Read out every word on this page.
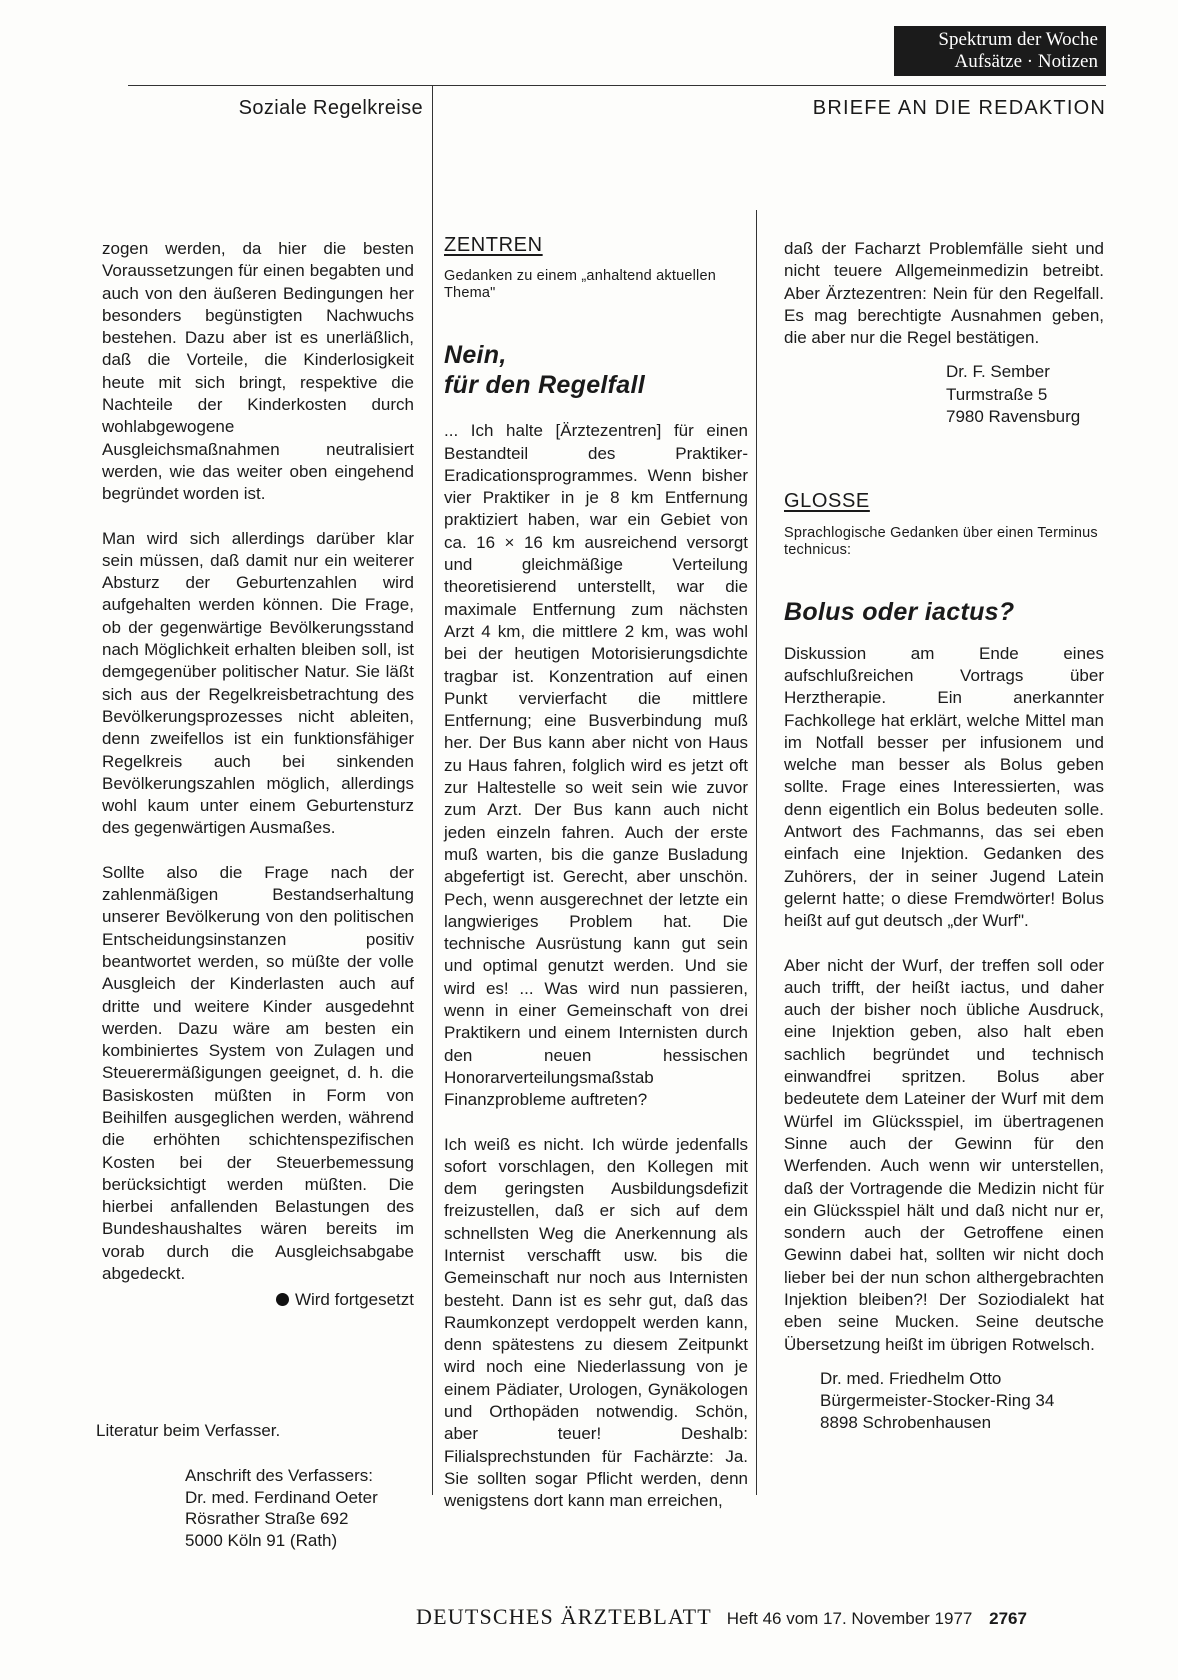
Spektrum der Woche
Aufsätze · Notizen
Soziale Regelkreise	BRIEFE AN DIE REDAKTION

zogen werden, da hier die besten Voraussetzungen für einen begabten und auch von den äußeren Bedingungen her besonders begünstigten Nachwuchs bestehen. Dazu aber ist es unerläßlich, daß die Vorteile, die Kinderlosigkeit heute mit sich bringt, respektive die Nachteile der Kinderkosten durch wohlabgewogene Ausgleichsmaßnahmen neutralisiert werden, wie das weiter oben eingehend begründet worden ist.

Man wird sich allerdings darüber klar sein müssen, daß damit nur ein weiterer Absturz der Geburtenzahlen wird aufgehalten werden können. Die Frage, ob der gegenwärtige Bevölkerungsstand nach Möglichkeit erhalten bleiben soll, ist demgegenüber politischer Natur. Sie läßt sich aus der Regelkreisbetrachtung des Bevölkerungsprozesses nicht ableiten, denn zweifellos ist ein funktionsfähiger Regelkreis auch bei sinkenden Bevölkerungszahlen möglich, allerdings wohl kaum unter einem Geburtensturz des gegenwärtigen Ausmaßes.

Sollte also die Frage nach der zahlenmäßigen Bestandserhaltung unserer Bevölkerung von den politischen Entscheidungsinstanzen positiv beantwortet werden, so müßte der volle Ausgleich der Kinderlasten auch auf dritte und weitere Kinder ausgedehnt werden. Dazu wäre am besten ein kombiniertes System von Zulagen und Steuerermäßigungen geeignet, d. h. die Basiskosten müßten in Form von Beihilfen ausgeglichen werden, während die erhöhten schichtenspezifischen Kosten bei der Steuerbemessung berücksichtigt werden müßten. Die hierbei anfallenden Belastungen des Bundeshaushaltes wären bereits im vorab durch die Ausgleichsabgabe abgedeckt.

Wird fortgesetzt
Literatur beim Verfasser.
Anschrift des Verfassers:
Dr. med. Ferdinand Oeter
Rösrather Straße 692
5000 Köln 91 (Rath)
ZENTREN
Gedanken zu einem „anhaltend aktuellen Thema"
Nein,
für den Regelfall

... Ich halte [Ärztezentren] für einen Bestandteil des Praktiker-Eradicationsprogrammes. Wenn bisher vier Praktiker in je 8 km Entfernung praktiziert haben, war ein Gebiet von ca. 16 × 16 km ausreichend versorgt und gleichmäßige Verteilung theoretisierend unterstellt, war die maximale Entfernung zum nächsten Arzt 4 km, die mittlere 2 km, was wohl bei der heutigen Motorisierungsdichte tragbar ist. Konzentration auf einen Punkt vervierfacht die mittlere Entfernung; eine Busverbindung muß her. Der Bus kann aber nicht von Haus zu Haus fahren, folglich wird es jetzt oft zur Haltestelle so weit sein wie zuvor zum Arzt. Der Bus kann auch nicht jeden einzeln fahren. Auch der erste muß warten, bis die ganze Busladung abgefertigt ist. Gerecht, aber unschön. Pech, wenn ausgerechnet der letzte ein langwieriges Problem hat. Die technische Ausrüstung kann gut sein und optimal genutzt werden. Und sie wird es! ... Was wird nun passieren, wenn in einer Gemeinschaft von drei Praktikern und einem Internisten durch den neuen hessischen Honorarverteilungsmaßstab Finanzprobleme auftreten?

Ich weiß es nicht. Ich würde jedenfalls sofort vorschlagen, den Kollegen mit dem geringsten Ausbildungsdefizit freizustellen, daß er sich auf dem schnellsten Weg die Anerkennung als Internist verschafft usw. bis die Gemeinschaft nur noch aus Internisten besteht. Dann ist es sehr gut, daß das Raumkonzept verdoppelt werden kann, denn spätestens zu diesem Zeitpunkt wird noch eine Niederlassung von je einem Pädiater, Urologen, Gynäkologen und Orthopäden notwendig. Schön, aber teuer! Deshalb: Filialsprechstunden für Fachärzte: Ja. Sie sollten sogar Pflicht werden, denn wenigstens dort kann man erreichen,

daß der Facharzt Problemfälle sieht und nicht teuere Allgemeinmedizin betreibt. Aber Ärztezentren: Nein für den Regelfall. Es mag berechtigte Ausnahmen geben, die aber nur die Regel bestätigen.

Dr. F. Sember
Turmstraße 5
7980 Ravensburg
GLOSSE
Sprachlogische Gedanken über einen Terminus technicus:
Bolus oder iactus?

Diskussion am Ende eines aufschlußreichen Vortrags über Herztherapie. Ein anerkannter Fachkollege hat erklärt, welche Mittel man im Notfall besser per infusionem und welche man besser als Bolus geben sollte. Frage eines Interessierten, was denn eigentlich ein Bolus bedeuten solle. Antwort des Fachmanns, das sei eben einfach eine Injektion. Gedanken des Zuhörers, der in seiner Jugend Latein gelernt hatte; o diese Fremdwörter! Bolus heißt auf gut deutsch „der Wurf".

Aber nicht der Wurf, der treffen soll oder auch trifft, der heißt iactus, und daher auch der bisher noch übliche Ausdruck, eine Injektion geben, also halt eben sachlich begründet und technisch einwandfrei spritzen. Bolus aber bedeutete dem Lateiner der Wurf mit dem Würfel im Glücksspiel, im übertragenen Sinne auch der Gewinn für den Werfenden. Auch wenn wir unterstellen, daß der Vortragende die Medizin nicht für ein Glücksspiel hält und daß nicht nur er, sondern auch der Getroffene einen Gewinn dabei hat, sollten wir nicht doch lieber bei der nun schon althergebrachten Injektion bleiben?! Der Soziodialekt hat eben seine Mucken. Seine deutsche Übersetzung heißt im übrigen Rotwelsch.

Dr. med. Friedhelm Otto
Bürgermeister-Stocker-Ring 34
8898 Schrobenhausen
DEUTSCHES ÄRZTEBLATT Heft 46 vom 17. November 1977 2767
